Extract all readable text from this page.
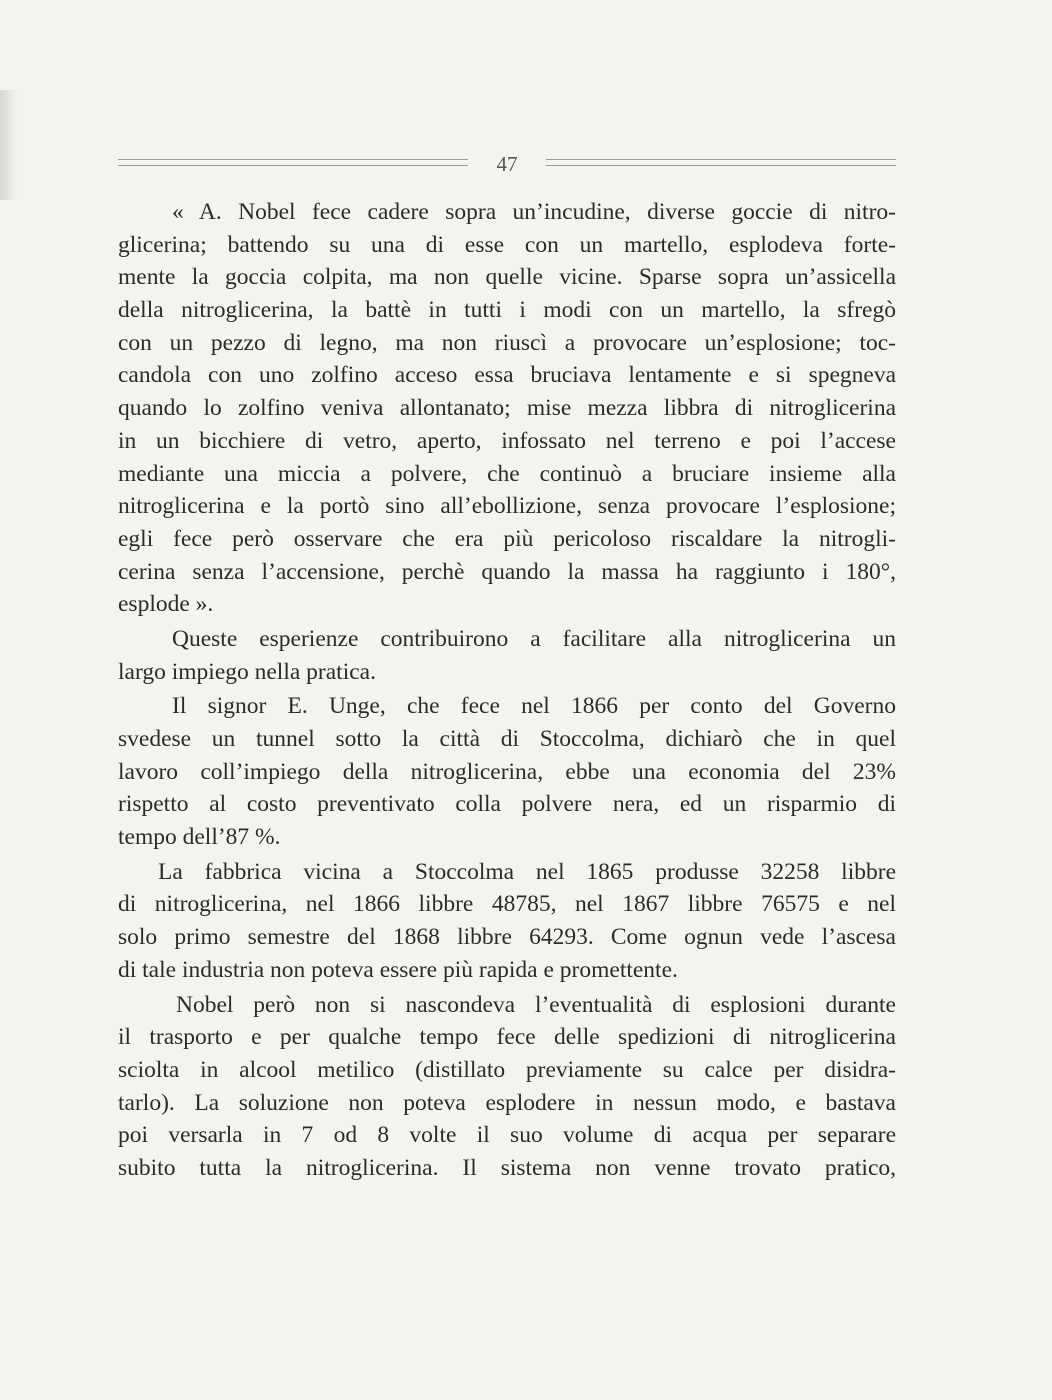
47
« A. Nobel fece cadere sopra un’incudine, diverse goccie di nitro-
glicerina; battendo su una di esse con un martello, esplodeva forte-
mente la goccia colpita, ma non quelle vicine. Sparse sopra un’assicella
della nitroglicerina, la battè in tutti i modi con un martello, la sfregò
con un pezzo di legno, ma non riuscì a provocare un’esplosione; toc-
candola con uno zolfino acceso essa bruciava lentamente e si spegneva
quando lo zolfino veniva allontanato; mise mezza libbra di nitroglicerina
in un bicchiere di vetro, aperto, infossato nel terreno e poi l’accese
mediante una miccia a polvere, che continuò a bruciare insieme alla
nitroglicerina e la portò sino all’ebollizione, senza provocare l’esplosione;
egli fece però osservare che era più pericoloso riscaldare la nitrogli-
cerina senza l’accensione, perchè quando la massa ha raggiunto i 180°,
esplode ».
Queste esperienze contribuirono a facilitare alla nitroglicerina un
largo impiego nella pratica.
Il signor E. Unge, che fece nel 1866 per conto del Governo
svedese un tunnel sotto la città di Stoccolma, dichiarò che in quel
lavoro coll’impiego della nitroglicerina, ebbe una economia del 23%
rispetto al costo preventivato colla polvere nera, ed un risparmio di
tempo dell’87 %.
La fabbrica vicina a Stoccolma nel 1865 produsse 32258 libbre
di nitroglicerina, nel 1866 libbre 48785, nel 1867 libbre 76575 e nel
solo primo semestre del 1868 libbre 64293. Come ognun vede l’ascesa
di tale industria non poteva essere più rapida e promettente.
Nobel però non si nascondeva l’eventualità di esplosioni durante
il trasporto e per qualche tempo fece delle spedizioni di nitroglicerina
sciolta in alcool metilico (distillato previamente su calce per disidra-
tarlo). La soluzione non poteva esplodere in nessun modo, e bastava
poi versarla in 7 od 8 volte il suo volume di acqua per separare
subito tutta la nitroglicerina. Il sistema non venne trovato pratico,
